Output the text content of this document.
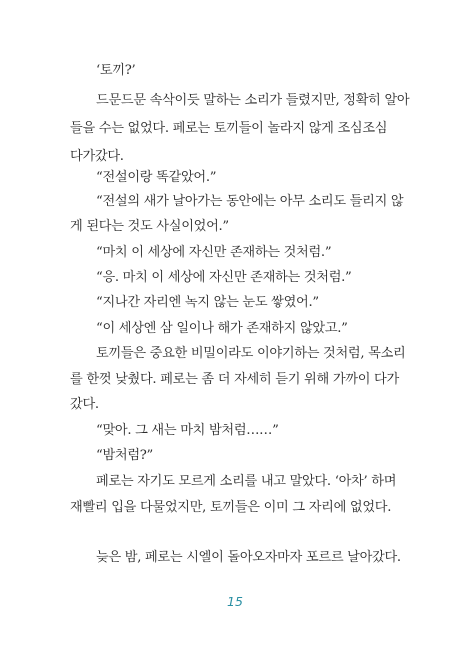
‘토끼?’
드문드문 속삭이듯 말하는 소리가 들렸지만, 정확히 알아
들을 수는 없었다. 페로는 토끼들이 놀라지 않게 조심조심
다가갔다.
“전설이랑 똑같았어.”
“전설의 새가 날아가는 동안에는 아무 소리도 들리지 않
게 된다는 것도 사실이었어.”
“마치 이 세상에 자신만 존재하는 것처럼.”
“응. 마치 이 세상에 자신만 존재하는 것처럼.”
“지나간 자리엔 녹지 않는 눈도 쌓였어.”
“이 세상엔 삼 일이나 해가 존재하지 않았고.”
토끼들은 중요한 비밀이라도 이야기하는 것처럼, 목소리
를 한껏 낮췄다. 페로는 좀 더 자세히 듣기 위해 가까이 다가
갔다.
“맞아. 그 새는 마치 밤처럼……”
“밤처럼?”
페로는 자기도 모르게 소리를 내고 말았다. ‘아차’ 하며
재빨리 입을 다물었지만, 토끼들은 이미 그 자리에 없었다.
늦은 밤, 페로는 시엘이 돌아오자마자 포르르 날아갔다.
15
